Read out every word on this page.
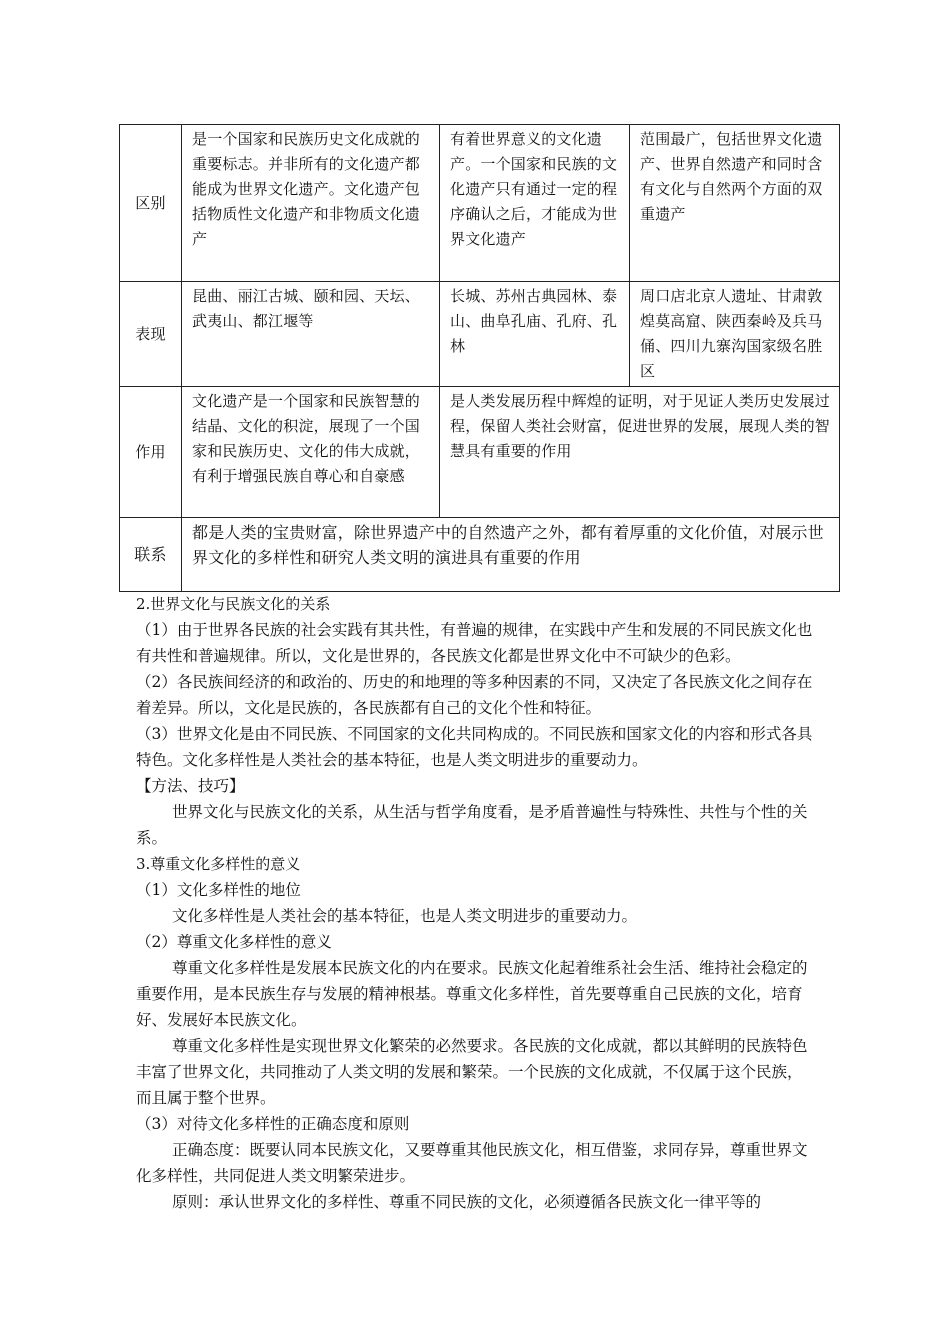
区别	是一个国家和民族历史文化成就的重要标志。并非所有的文化遗产都能成为世界文化遗产。文化遗产包括物质性文化遗产和非物质文化遗产	有着世界意义的文化遗产。一个国家和民族的文化遗产只有通过一定的程序确认之后，才能成为世界文化遗产	范围最广，包括世界文化遗产、世界自然遗产和同时含有文化与自然两个方面的双重遗产
表现	昆曲、丽江古城、颐和园、天坛、武夷山、都江堰等	长城、苏州古典园林、泰山、曲阜孔庙、孔府、孔林	周口店北京人遗址、甘肃敦煌莫高窟、陕西秦岭及兵马俑、四川九寨沟国家级名胜区
作用	文化遗产是一个国家和民族智慧的结晶、文化的积淀，展现了一个国家和民族历史、文化的伟大成就，有利于增强民族自尊心和自豪感	是人类发展历程中辉煌的证明，对于见证人类历史发展过程，保留人类社会财富，促进世界的发展，展现人类的智慧具有重要的作用	
联系	都是人类的宝贵财富，除世界遗产中的自然遗产之外，都有着厚重的文化价值，对展示世界文化的多样性和研究人类文明的演进具有重要的作用		

2.世界文化与民族文化的关系

（1）由于世界各民族的社会实践有其共性，有普遍的规律，在实践中产生和发展的不同民族文化也有共性和普遍规律。所以，文化是世界的，各民族文化都是世界文化中不可缺少的色彩。

（2）各民族间经济的和政治的、历史的和地理的等多种因素的不同，又决定了各民族文化之间存在着差异。所以，文化是民族的，各民族都有自己的文化个性和特征。

（3）世界文化是由不同民族、不同国家的文化共同构成的。不同民族和国家文化的内容和形式各具特色。文化多样性是人类社会的基本特征，也是人类文明进步的重要动力。

【方法、技巧】

世界文化与民族文化的关系，从生活与哲学角度看，是矛盾普遍性与特殊性、共性与个性的关系。

3.尊重文化多样性的意义

（1）文化多样性的地位

文化多样性是人类社会的基本特征，也是人类文明进步的重要动力。

（2）尊重文化多样性的意义

尊重文化多样性是发展本民族文化的内在要求。民族文化起着维系社会生活、维持社会稳定的重要作用，是本民族生存与发展的精神根基。尊重文化多样性，首先要尊重自己民族的文化，培育好、发展好本民族文化。

尊重文化多样性是实现世界文化繁荣的必然要求。各民族的文化成就，都以其鲜明的民族特色丰富了世界文化，共同推动了人类文明的发展和繁荣。一个民族的文化成就，不仅属于这个民族，而且属于整个世界。

（3）对待文化多样性的正确态度和原则

正确态度：既要认同本民族文化，又要尊重其他民族文化，相互借鉴，求同存异，尊重世界文化多样性，共同促进人类文明繁荣进步。

原则：承认世界文化的多样性、尊重不同民族的文化，必须遵循各民族文化一律平等的
